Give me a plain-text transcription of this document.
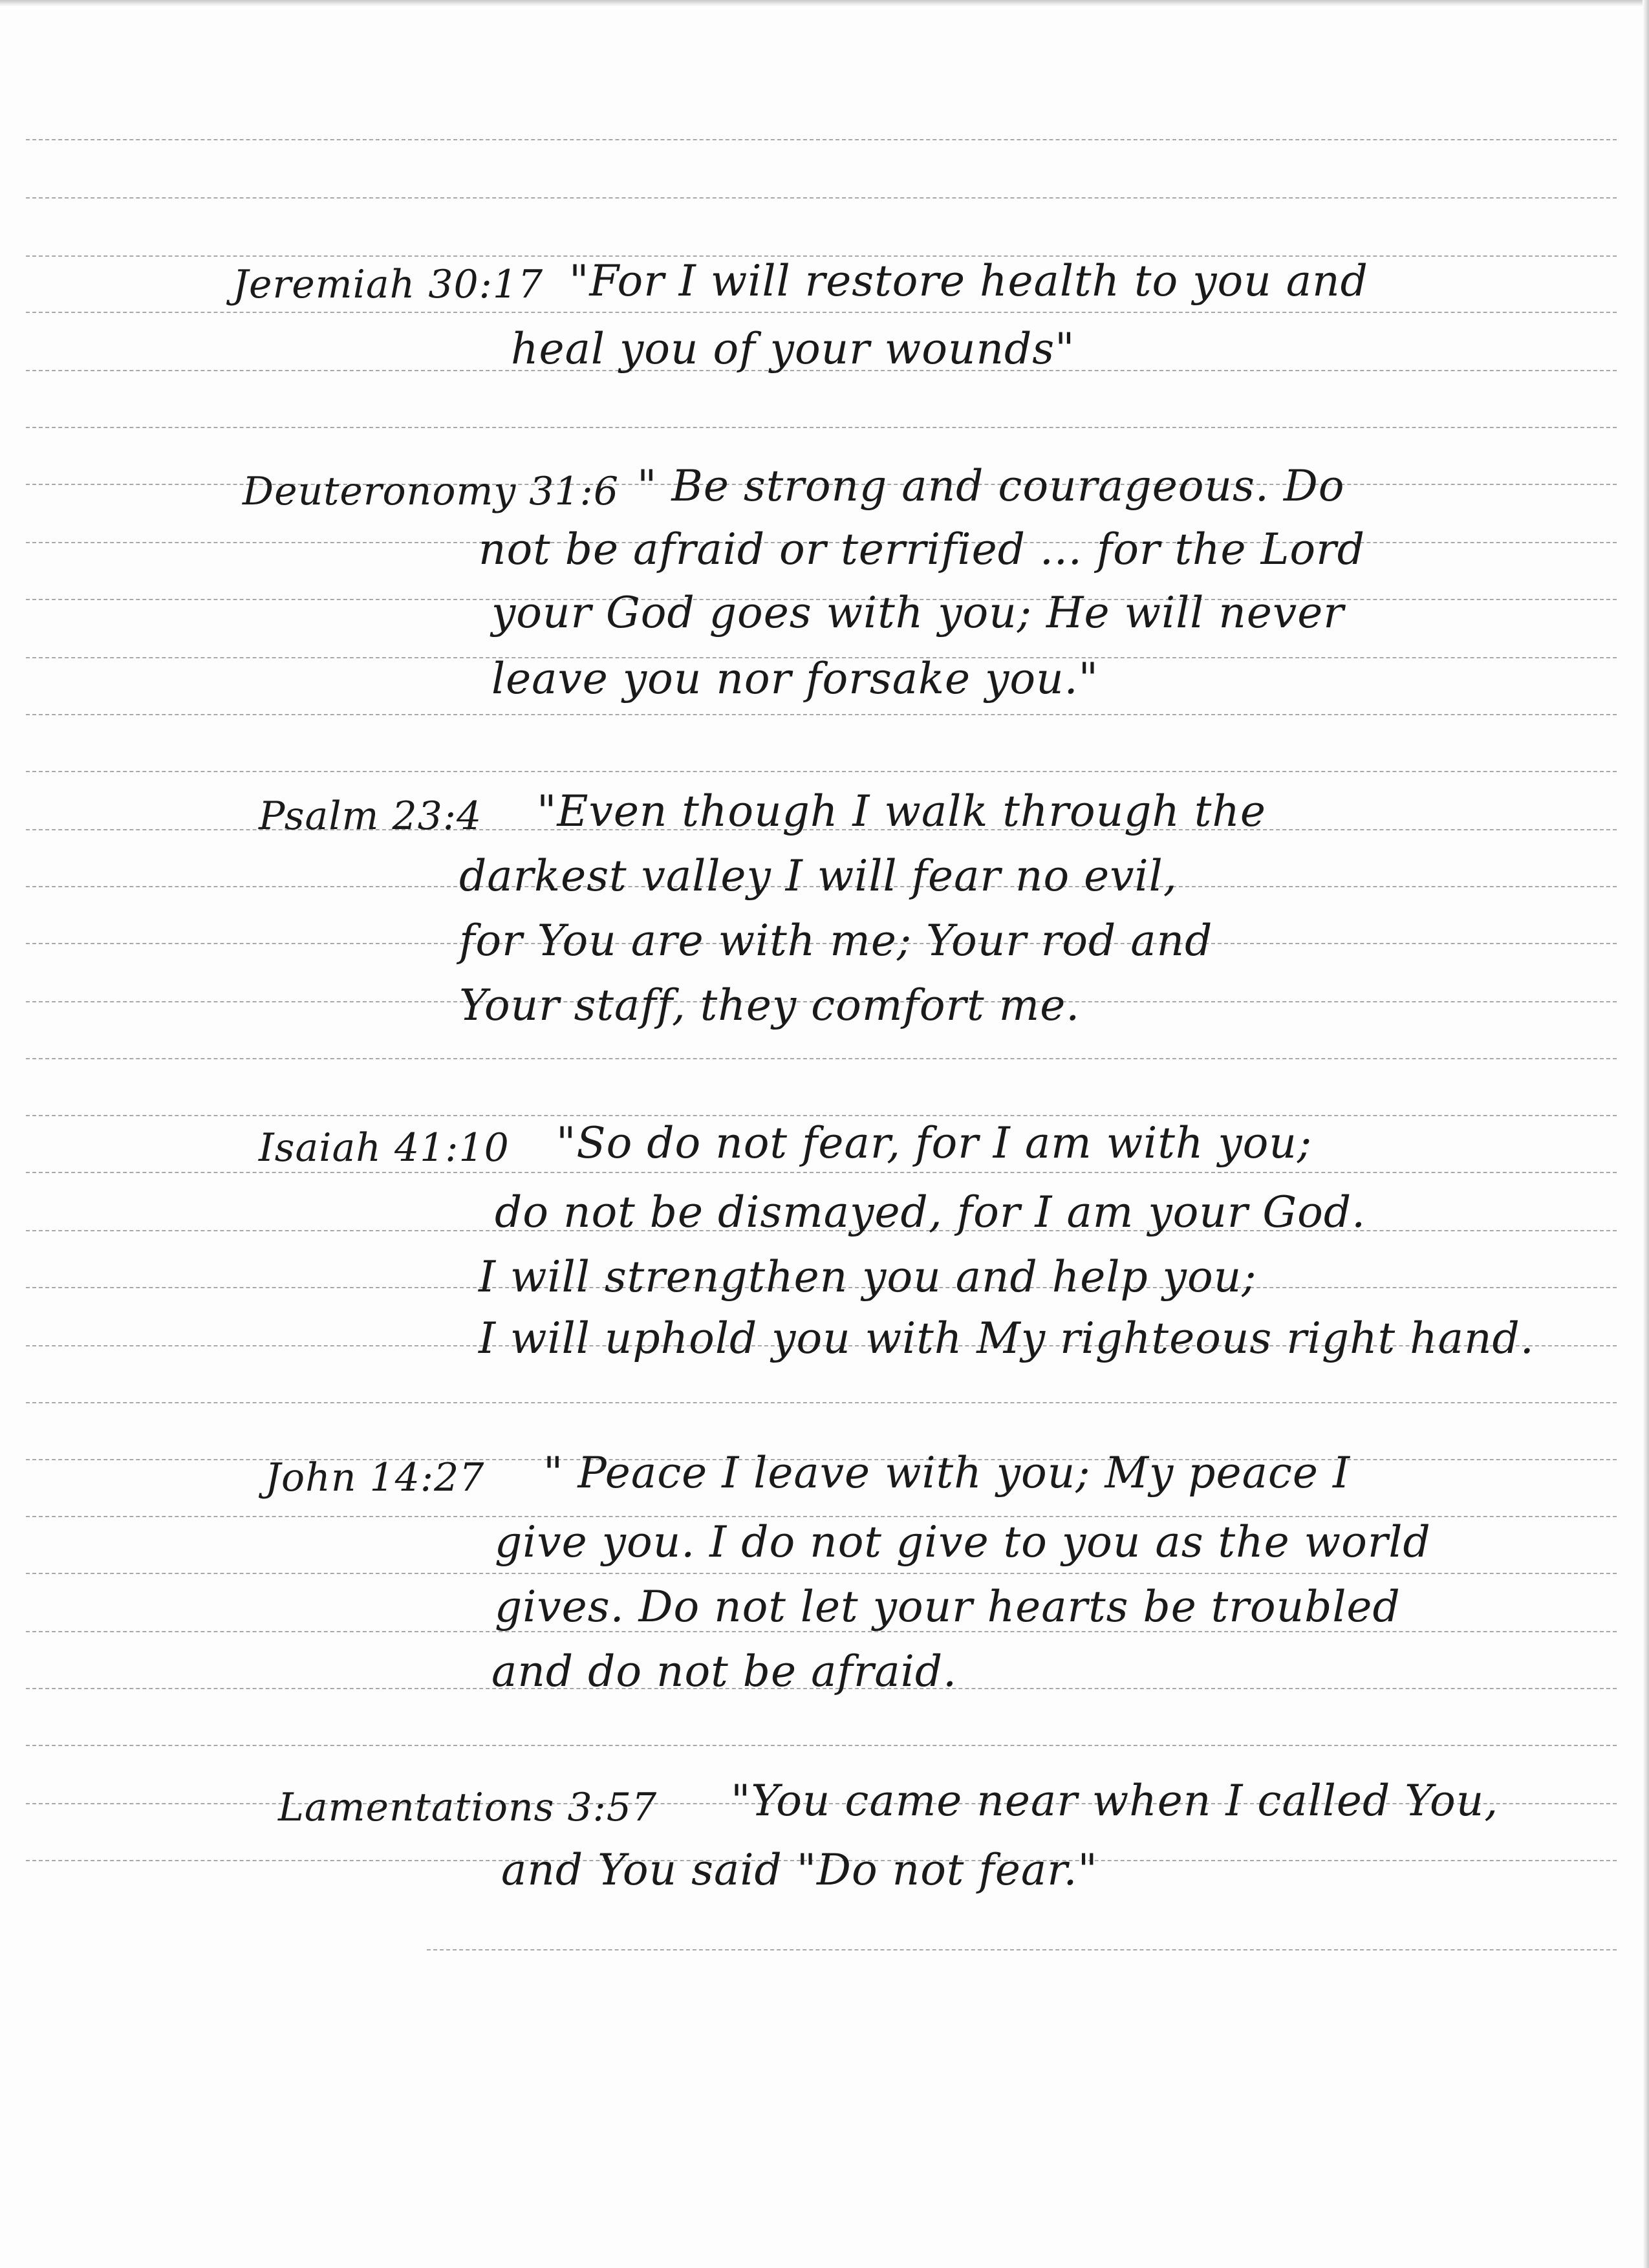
Jeremiah 30:17 "For I will restore health to you and

heal you of your wounds"

Deuteronomy 31:6 " Be strong and courageous. Do

not be afraid or terrified ... for the Lord

your God goes with you; He will never

leave you nor forsake you."

Psalm 23:4 "Even though I walk through the

darkest valley I will fear no evil,

for You are with me; Your rod and

Your staff, they comfort me.

Isaiah 41:10 "So do not fear, for I am with you;

do not be dismayed, for I am your God.

I will strengthen you and help you;

I will uphold you with My righteous right hand.

John 14:27 " Peace I leave with you; My peace I

give you. I do not give to you as the world

gives. Do not let your hearts be troubled

and do not be afraid.

Lamentations 3:57 "You came near when I called You,

and You said "Do not fear."
